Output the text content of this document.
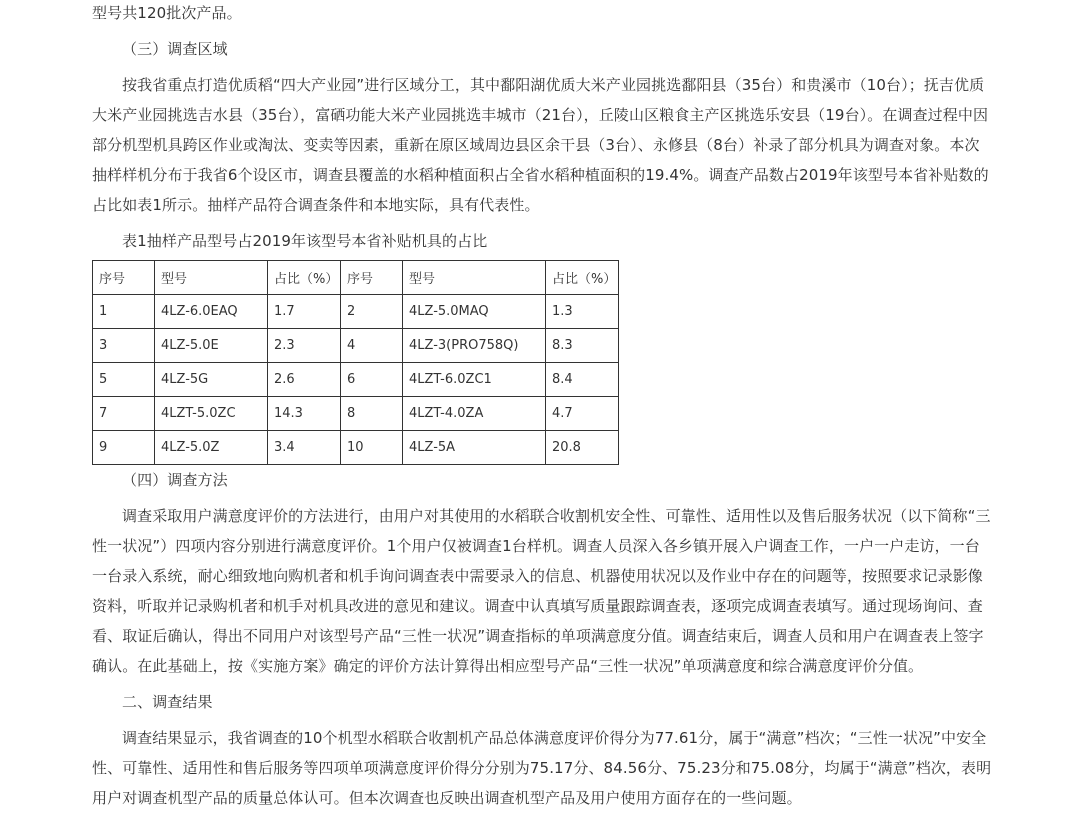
型号共120批次产品。

（三）调查区域

按我省重点打造优质稻“四大产业园”进行区域分工，其中鄱阳湖优质大米产业园挑选鄱阳县（35台）和贵溪市（10台）；抚吉优质大米产业园挑选吉水县（35台），富硒功能大米产业园挑选丰城市（21台），丘陵山区粮食主产区挑选乐安县（19台）。在调查过程中因部分机型机具跨区作业或淘汰、变卖等因素，重新在原区域周边县区余干县（3台）、永修县（8台）补录了部分机具为调查对象。本次抽样样机分布于我省6个设区市，调查县覆盖的水稻种植面积占全省水稻种植面积的19.4%。调查产品数占2019年该型号本省补贴数的占比如表1所示。抽样产品符合调查条件和本地实际，具有代表性。

表1抽样产品型号占2019年该型号本省补贴机具的占比

序号	型号	占比（%）	序号	型号	占比（%）
1	4LZ-6.0EAQ	1.7	2	4LZ-5.0MAQ	1.3
3	4LZ-5.0E	2.3	4	4LZ-3(PRO758Q)	8.3
5	4LZ-5G	2.6	6	4LZT-6.0ZC1	8.4
7	4LZT-5.0ZC	14.3	8	4LZT-4.0ZA	4.7
9	4LZ-5.0Z	3.4	10	4LZ-5A	20.8

（四）调查方法

调查采取用户满意度评价的方法进行，由用户对其使用的水稻联合收割机安全性、可靠性、适用性以及售后服务状况（以下简称“三性一状况”）四项内容分别进行满意度评价。1个用户仅被调查1台样机。调查人员深入各乡镇开展入户调查工作，一户一户走访，一台一台录入系统，耐心细致地向购机者和机手询问调查表中需要录入的信息、机器使用状况以及作业中存在的问题等，按照要求记录影像资料，听取并记录购机者和机手对机具改进的意见和建议。调查中认真填写质量跟踪调查表，逐项完成调查表填写。通过现场询问、查看、取证后确认，得出不同用户对该型号产品“三性一状况”调查指标的单项满意度分值。调查结束后，调查人员和用户在调查表上签字确认。在此基础上，按《实施方案》确定的评价方法计算得出相应型号产品“三性一状况”单项满意度和综合满意度评价分值。

二、调查结果

调查结果显示，我省调查的10个机型水稻联合收割机产品总体满意度评价得分为77.61分，属于“满意”档次；“三性一状况”中安全性、可靠性、适用性和售后服务等四项单项满意度评价得分分别为75.17分、84.56分、75.23分和75.08分，均属于“满意”档次，表明用户对调查机型产品的质量总体认可。但本次调查也反映出调查机型产品及用户使用方面存在的一些问题。
